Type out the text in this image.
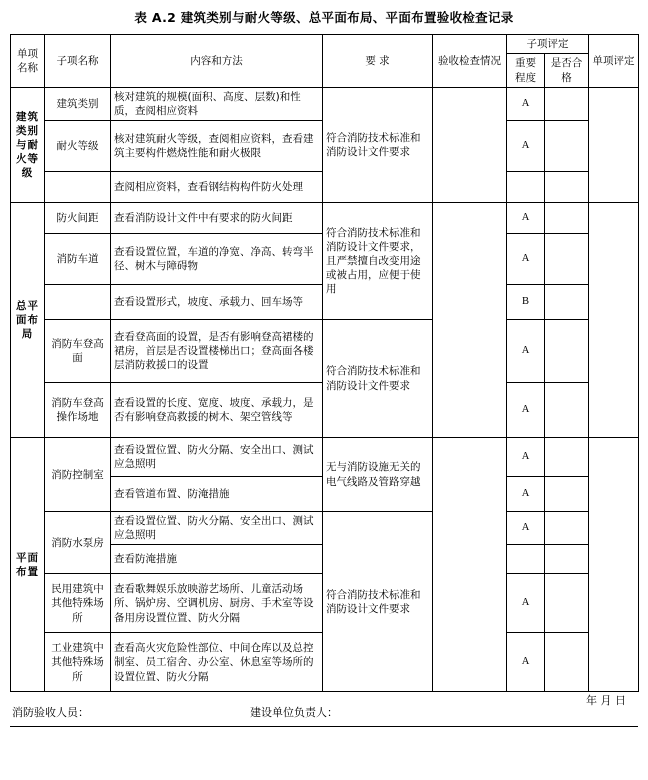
表 A.2 建筑类别与耐火等级、总平面布局、平面布置验收检查记录
单项名称	子项名称	内容和方法	要 求	验收检查情况	子项评定		单项评定
					重要程度	是否合格	
建筑类别与耐火等级	建筑类别	核对建筑的规模(面积、高度、层数)和性质，查阅相应资料	符合消防技术标准和消防设计文件要求		A		
	耐火等级	核对建筑耐火等级，查阅相应资料，查看建筑主要构件燃烧性能和耐火极限			A		
		查阅相应资料，查看钢结构构件防火处理					
总平面布局	防火间距	查看消防设计文件中有要求的防火间距	符合消防技术标准和消防设计文件要求，且严禁擅自改变用途或被占用，应便于使用		A		
	消防车道	查看设置位置，车道的净宽、净高、转弯半径、树木与障碍物			A		
		查看设置形式，坡度、承载力、回车场等			B		
	消防车登高面	查看登高面的设置，是否有影响登高裙楼的裙房，首层是否设置楼梯出口；登高面各楼层消防救援口的设置	符合消防技术标准和消防设计文件要求		A		
	消防车登高操作场地	查看设置的长度、宽度、坡度、承载力，是否有影响登高救援的树木、架空管线等			A		
平面布置	消防控制室	查看设置位置、防火分隔、安全出口、测试应急照明	无与消防设施无关的电气线路及管路穿越		A		
		查看管道布置、防淹措施			A		
	消防水泵房	查看设置位置、防火分隔、安全出口、测试应急照明	符合消防技术标准和消防设计文件要求		A		
		查看防淹措施					
	民用建筑中其他特殊场所	查看歌舞娱乐放映游艺场所、儿童活动场所、锅炉房、空调机房、厨房、手术室等设备用房设置位置、防火分隔			A		
	工业建筑中其他特殊场所	查看高火灾危险性部位、中间仓库以及总控制室、员工宿舍、办公室、休息室等场所的设置位置、防火分隔			A		
年 月 日
消防验收人员：	建设单位负责人：
